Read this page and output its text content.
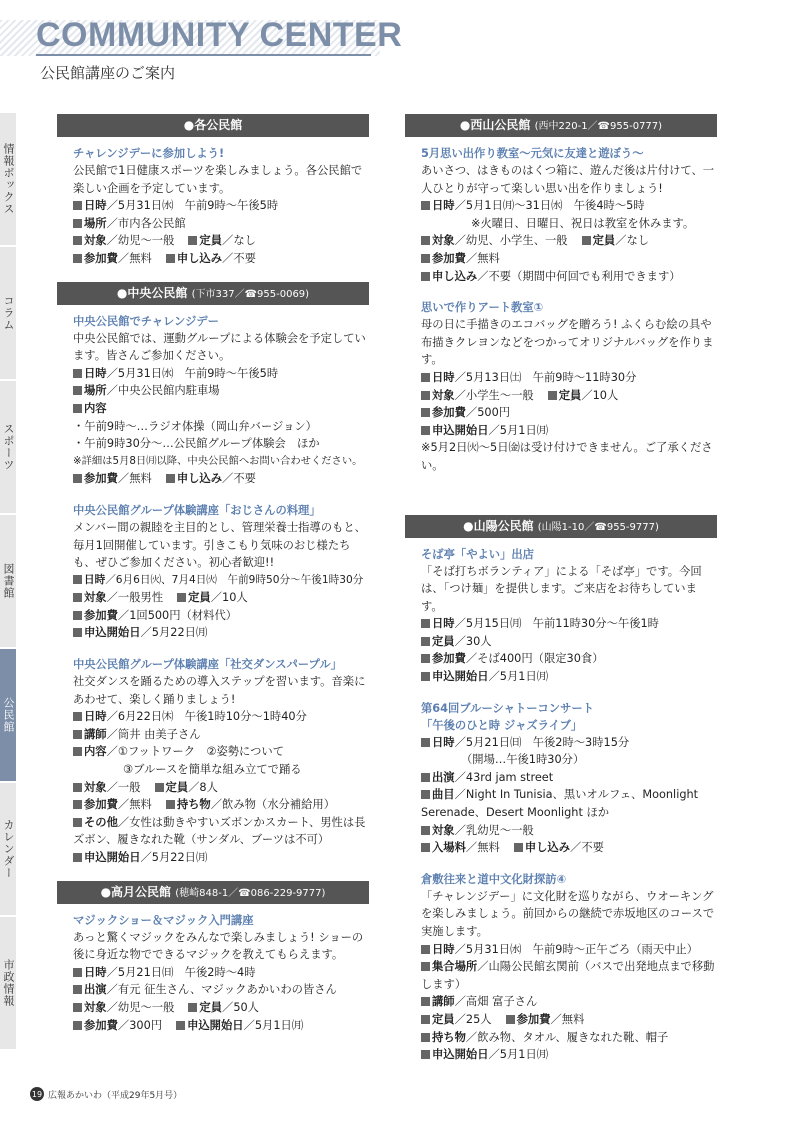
COMMUNITY CENTER
公民館講座のご案内
情報ボックス
コラム
スポーツ
図書館
公民館
カレンダー
市政情報
●各公民館
チャレンジデーに参加しよう!

公民館で1日健康スポーツを楽しみましょう。各公民館で楽しい企画を予定しています。

日時／5月31日㈬　午前9時～午後5時

場所／市内各公民館

対象／幼児～一般 定員／なし

参加費／無料 申し込み／不要

●中央公民館 (下市337／☎955-0069)
中央公民館でチャレンジデー

中央公民館では、運動グループによる体験会を予定しています。皆さんご参加ください。

日時／5月31日㈬　午前9時～午後5時

場所／中央公民館内駐車場

内容

・午前9時～…ラジオ体操（岡山弁バージョン）

・午前9時30分～…公民館グループ体験会　ほか

※詳細は5月8日㈪以降、中央公民館へお問い合わせください。

参加費／無料 申し込み／不要

中央公民館グループ体験講座「おじさんの料理」

メンバー間の親睦を主目的とし、管理栄養士指導のもと、毎月1回開催しています。引きこもり気味のおじ様たちも、ぜひご参加ください。初心者歓迎!!

日時／6月6日㈫、7月4日㈫　午前9時50分～午後1時30分

対象／一般男性 定員／10人

参加費／1回500円（材料代）

申込開始日／5月22日㈪

中央公民館グループ体験講座「社交ダンスパープル」

社交ダンスを踊るための導入ステップを習います。音楽にあわせて、楽しく踊りましょう!

日時／6月22日㈭　午後1時10分～1時40分

講師／筒井 由美子さん

内容／①フットワーク　②姿勢について

③ブルースを簡単な組み立てで踊る

対象／一般 定員／8人

参加費／無料 持ち物／飲み物（水分補給用）

その他／女性は動きやすいズボンかスカート、男性は長ズボン、履きなれた靴（サンダル、ブーツは不可）

申込開始日／5月22日㈪

●高月公民館 (穂崎848-1／☎086-229-9777)
マジックショー＆マジック入門講座

あっと驚くマジックをみんなで楽しみましょう! ショーの後に身近な物でできるマジックを教えてもらえます。

日時／5月21日㈰　午後2時～4時

出演／有元 征生さん、マジックあかいわの皆さん

対象／幼児～一般 定員／50人

参加費／300円 申込開始日／5月1日㈪

●西山公民館 (西中220-1／☎955-0777)
5月思い出作り教室～元気に友達と遊ぼう～

あいさつ、はきものはくつ箱に、遊んだ後は片付けて、一人ひとりが守って楽しい思い出を作りましょう!

日時／5月1日㈪～31日㈬　午後4時～5時

※火曜日、日曜日、祝日は教室を休みます。

対象／幼児、小学生、一般 定員／なし

参加費／無料

申し込み／不要（期間中何回でも利用できます）

思いで作りアート教室①

母の日に手描きのエコバッグを贈ろう! ふくらむ絵の具や布描きクレヨンなどをつかってオリジナルバッグを作ります。

日時／5月13日㈯　午前9時～11時30分

対象／小学生～一般 定員／10人

参加費／500円

申込開始日／5月1日㈪

※5月2日㈫～5日㈮は受け付けできません。ご了承ください。

●山陽公民館 (山陽1-10／☎955-9777)
そば亭「やよい」出店

「そば打ちボランティア」による「そば亭」です。今回は、「つけ麺」を提供します。ご来店をお待ちしています。

日時／5月15日㈪　午前11時30分～午後1時

定員／30人

参加費／そば400円（限定30食）

申込開始日／5月1日㈪

第64回ブルーシャトーコンサート
「午後のひと時 ジャズライブ」

日時／5月21日㈰　午後2時～3時15分

（開場…午後1時30分）

出演／43rd jam street

曲目／Night In Tunisia、黒いオルフェ、Moonlight Serenade、Desert Moonlight ほか

対象／乳幼児～一般

入場料／無料 申し込み／不要

倉敷往来と道中文化財探訪④

「チャレンジデー」に文化財を巡りながら、ウオーキングを楽しみましょう。前回からの継続で赤坂地区のコースで実施します。

日時／5月31日㈬　午前9時～正午ごろ（雨天中止）

集合場所／山陽公民館玄関前（バスで出発地点まで移動します）

講師／高畑 富子さん

定員／25人 参加費／無料

持ち物／飲み物、タオル、履きなれた靴、帽子

申込開始日／5月1日㈪

19 広報あかいわ（平成29年5月号）
